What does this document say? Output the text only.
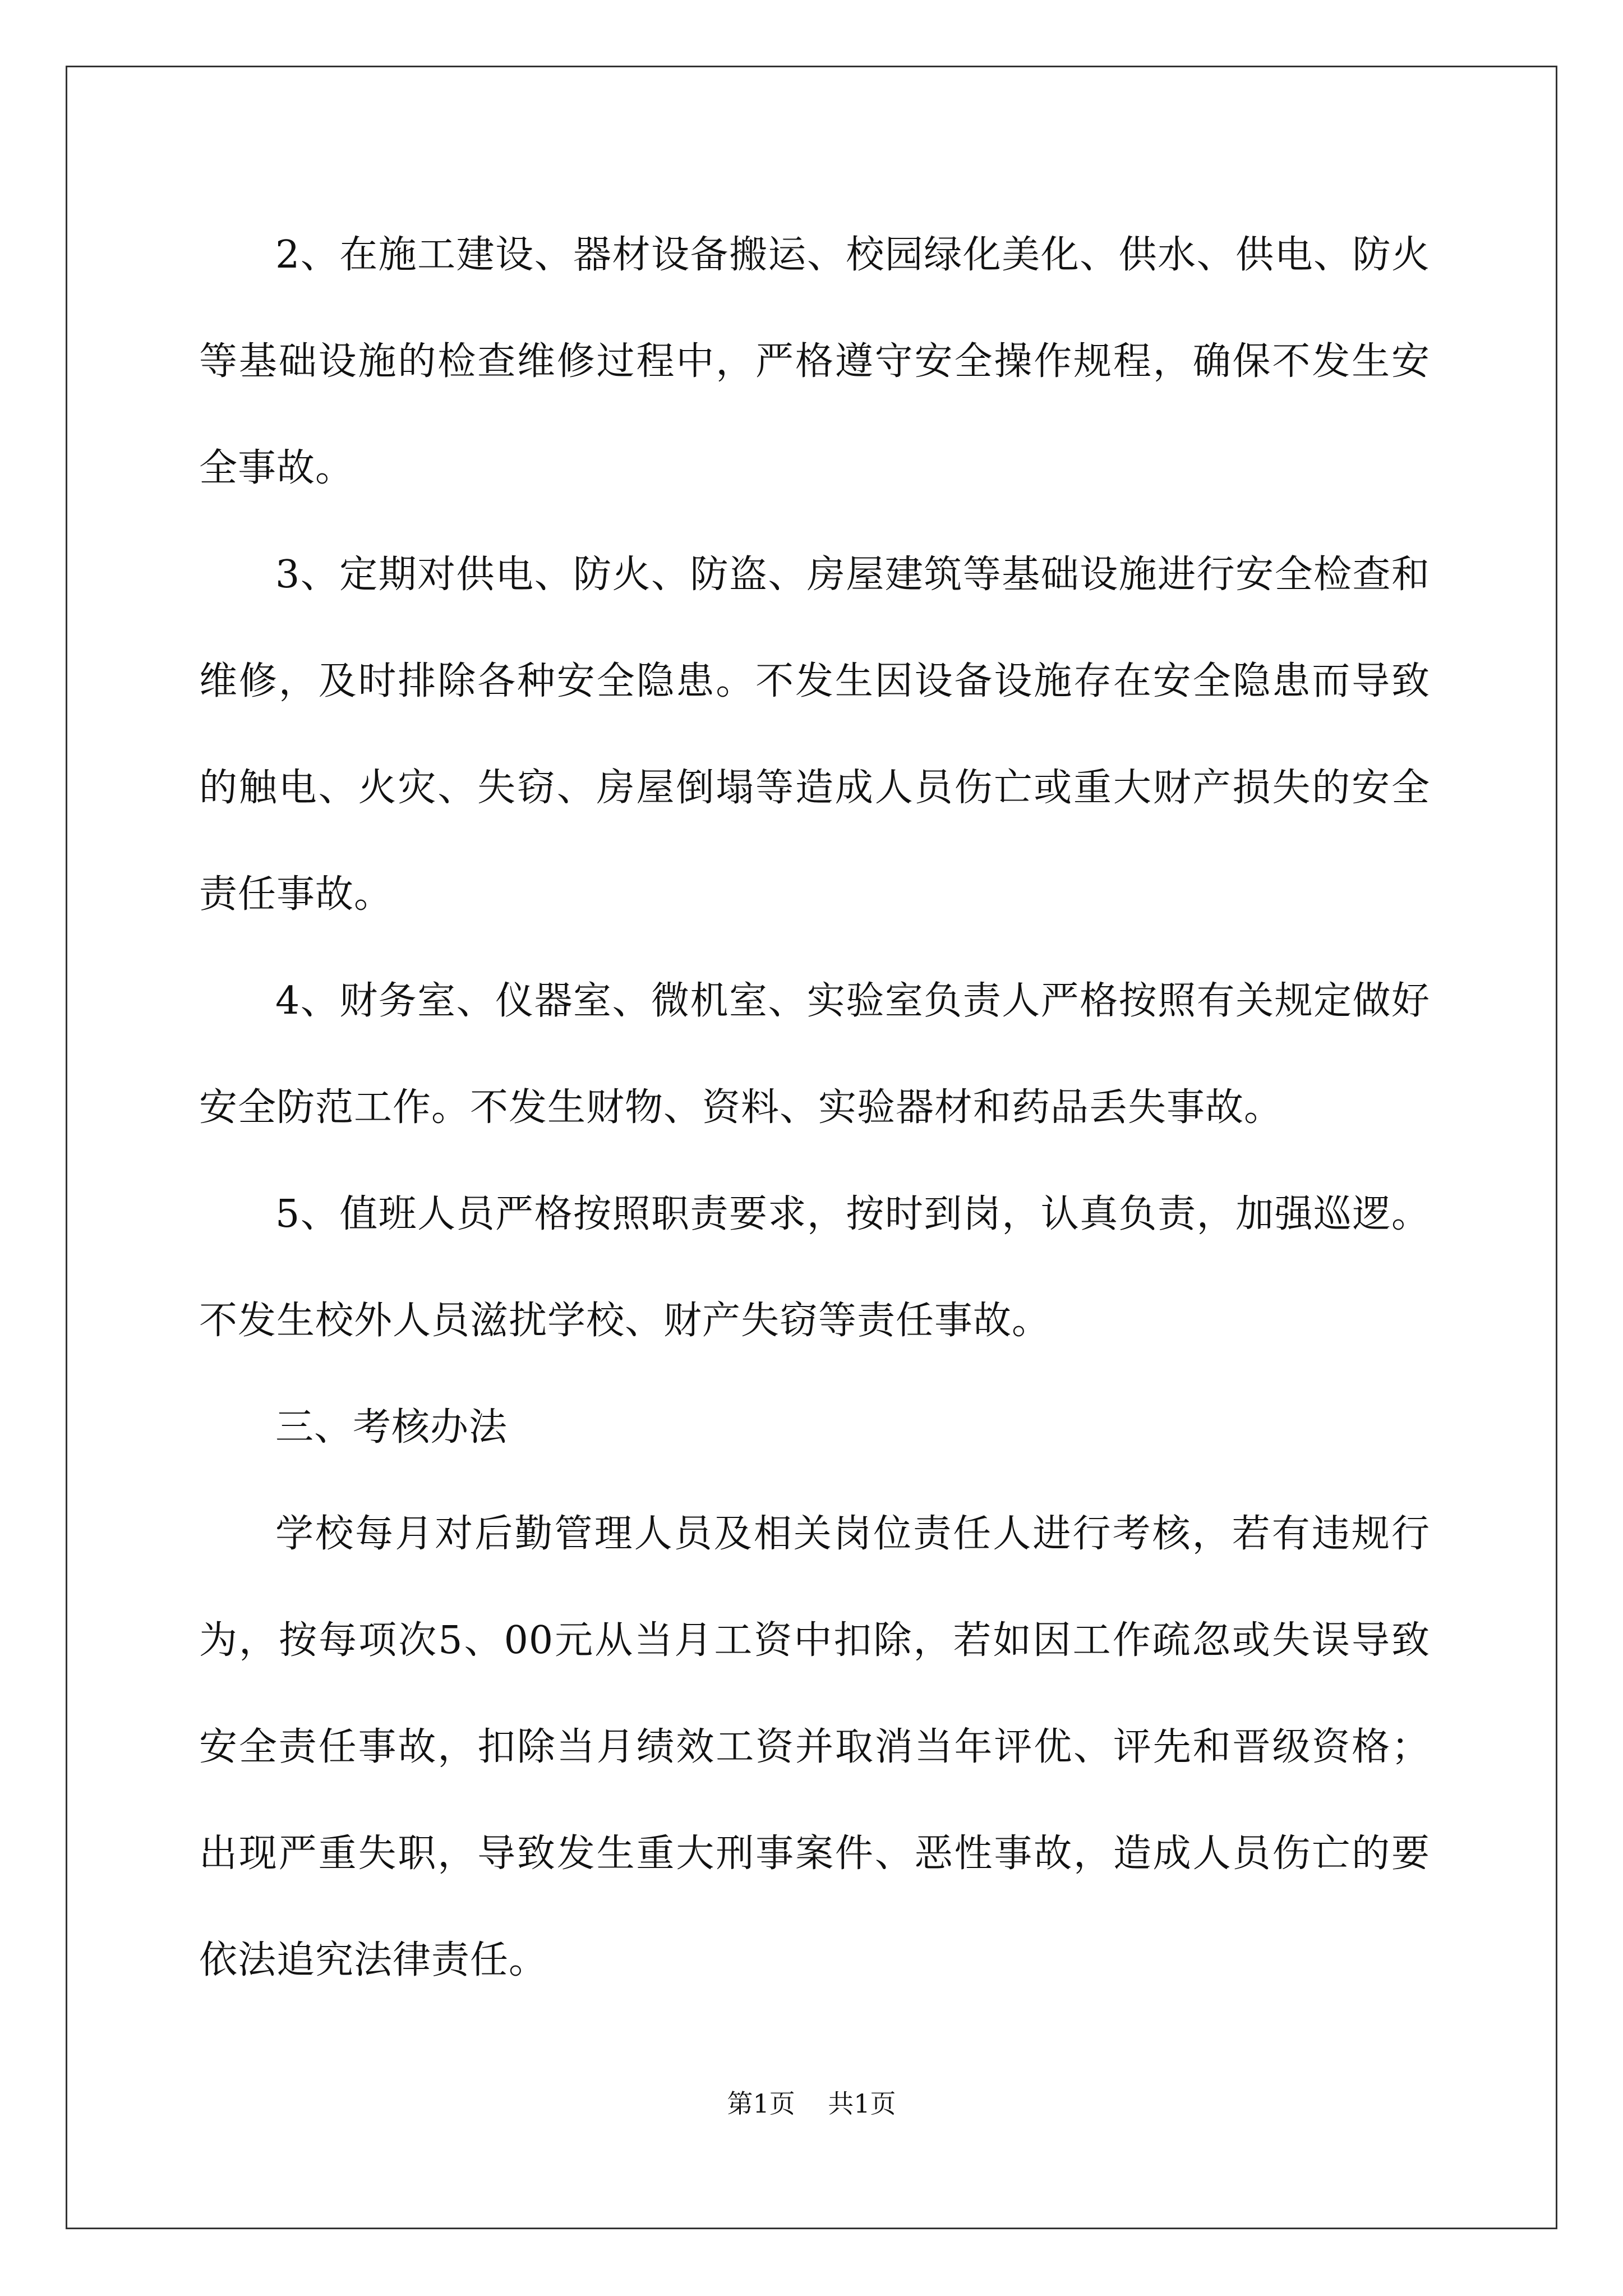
2、在施工建设、器材设备搬运、校园绿化美化、供水、供电、防火等基础设施的检查维修过程中，严格遵守安全操作规程，确保不发生安全事故。

3、定期对供电、防火、防盗、房屋建筑等基础设施进行安全检查和维修，及时排除各种安全隐患。不发生因设备设施存在安全隐患而导致的触电、火灾、失窃、房屋倒塌等造成人员伤亡或重大财产损失的安全责任事故。

4、财务室、仪器室、微机室、实验室负责人严格按照有关规定做好安全防范工作。不发生财物、资料、实验器材和药品丢失事故。

5、值班人员严格按照职责要求，按时到岗，认真负责，加强巡逻。不发生校外人员滋扰学校、财产失窃等责任事故。

三、考核办法

学校每月对后勤管理人员及相关岗位责任人进行考核，若有违规行为，按每项次5、00元从当月工资中扣除，若如因工作疏忽或失误导致安全责任事故，扣除当月绩效工资并取消当年评优、评先和晋级资格；出现严重失职，导致发生重大刑事案件、恶性事故，造成人员伤亡的要依法追究法律责任。

第1页 共1页
